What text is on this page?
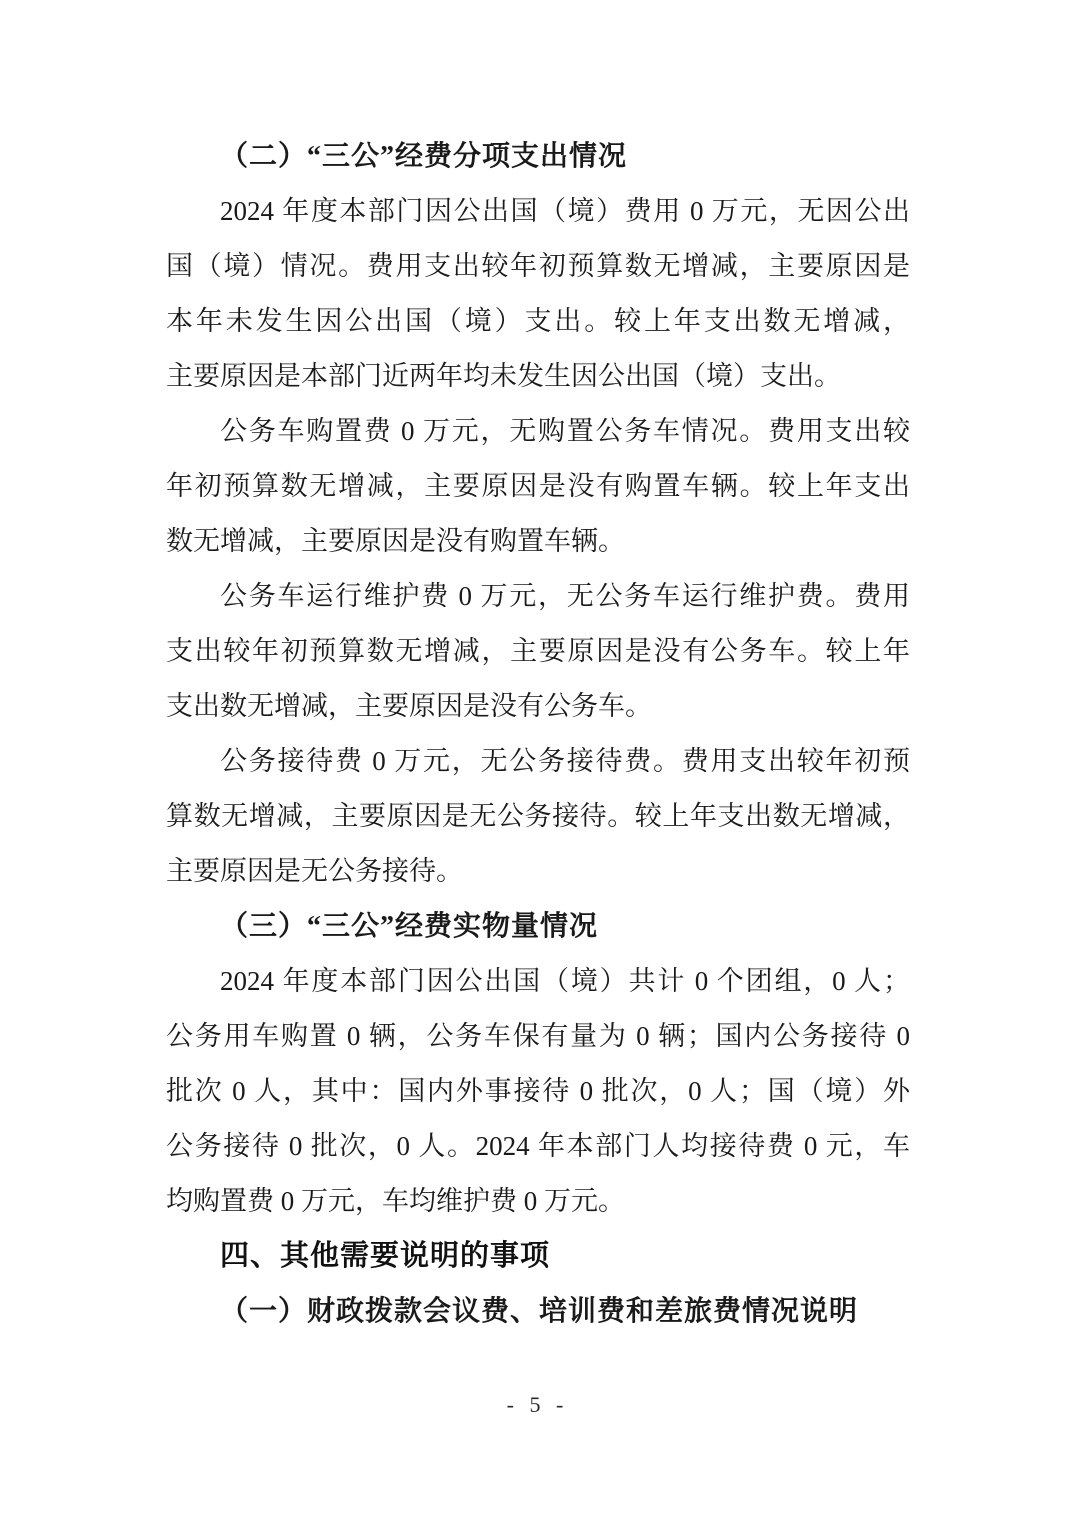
（二）“三公”经费分项支出情况
2024 年度本部门因公出国（境）费用 0 万元，无因公出
国（境）情况。费用支出较年初预算数无增减，主要原因是
本年未发生因公出国（境）支出。较上年支出数无增减，
主要原因是本部门近两年均未发生因公出国（境）支出。
公务车购置费 0 万元，无购置公务车情况。费用支出较
年初预算数无增减，主要原因是没有购置车辆。较上年支出
数无增减，主要原因是没有购置车辆。
公务车运行维护费 0 万元，无公务车运行维护费。费用
支出较年初预算数无增减，主要原因是没有公务车。较上年
支出数无增减，主要原因是没有公务车。
公务接待费 0 万元，无公务接待费。费用支出较年初预
算数无增减，主要原因是无公务接待。较上年支出数无增减，
主要原因是无公务接待。
（三）“三公”经费实物量情况
2024 年度本部门因公出国（境）共计 0 个团组，0 人；
公务用车购置 0 辆，公务车保有量为 0 辆；国内公务接待 0
批次 0 人，其中：国内外事接待 0 批次，0 人；国（境）外
公务接待 0 批次，0 人。2024 年本部门人均接待费 0 元，车
均购置费 0 万元，车均维护费 0 万元。
四、其他需要说明的事项
（一）财政拨款会议费、培训费和差旅费情况说明
- 5 -
